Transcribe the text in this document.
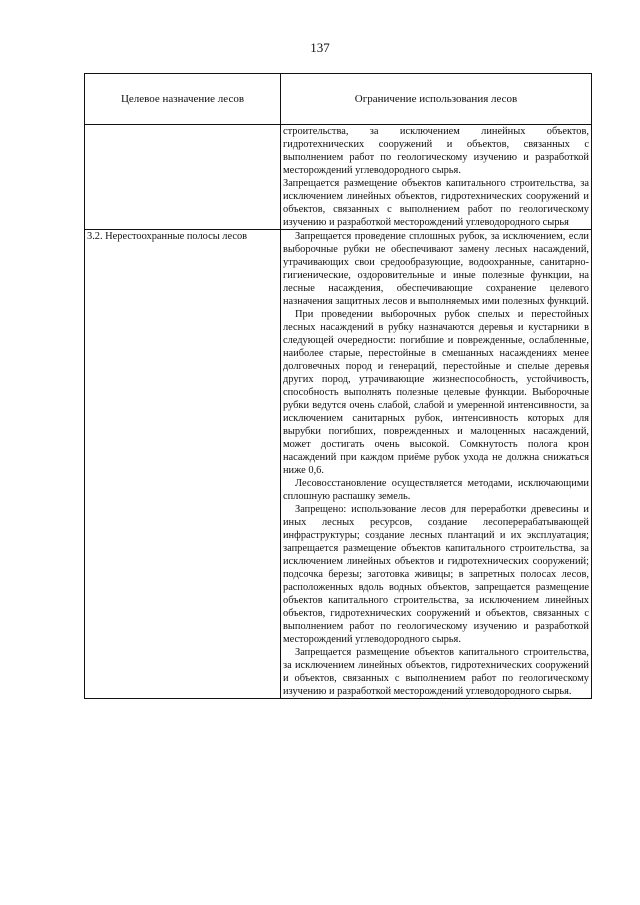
137
Целевое назначение лесов	Ограничение использования лесов

	строительства, за исключением линейных объектов, гидротехнических сооружений и объектов, связанных с выполнением работ по геологическому изучению и разработкой месторождений углеводородного сырья.

Запрещается размещение объектов капитального строительства, за исключением линейных объектов, гидротехнических сооружений и объектов, связанных с выполнением работ по геологическому изучению и разработкой месторождений углеводородного сырья

3.2. Нерестоохранные полосы лесов	Запрещается проведение сплошных рубок, за исключением, если выборочные рубки не обеспечивают замену лесных насаждений, утрачивающих свои средообразующие, водоохранные, санитарно-гигиенические, оздоровительные и иные полезные функции, на лесные насаждения, обеспечивающие сохранение целевого назначения защитных лесов и выполняемых ими полезных функций.

При проведении выборочных рубок спелых и перестойных лесных насаждений в рубку назначаются деревья и кустарники в следующей очередности: погибшие и поврежденные, ослабленные, наиболее старые, перестойные в смешанных насаждениях менее долговечных пород и генераций, перестойные и спелые деревья других пород, утрачивающие жизнеспособность, устойчивость, способность выполнять полезные целевые функции. Выборочные рубки ведутся очень слабой, слабой и умеренной интенсивности, за исключением санитарных рубок, интенсивность которых для вырубки погибших, поврежденных и малоценных насаждений, может достигать очень высокой. Сомкнутость полога крон насаждений при каждом приёме рубок ухода не должна снижаться ниже 0,6.

Лесовосстановление осуществляется методами, исключающими сплошную распашку земель.

Запрещено: использование лесов для переработки древесины и иных лесных ресурсов, создание лесоперерабатывающей инфраструктуры; создание лесных плантаций и их эксплуатация; запрещается размещение объектов капитального строительства, за исключением линейных объектов и гидротехнических сооружений; подсочка березы; заготовка живицы; в запретных полосах лесов, расположенных вдоль водных объектов, запрещается размещение объектов капитального строительства, за исключением линейных объектов, гидротехнических сооружений и объектов, связанных с выполнением работ по геологическому изучению и разработкой месторождений углеводородного сырья.

Запрещается размещение объектов капитального строительства, за исключением линейных объектов, гидротехнических сооружений и объектов, связанных с выполнением работ по геологическому изучению и разработкой месторождений углеводородного сырья.
